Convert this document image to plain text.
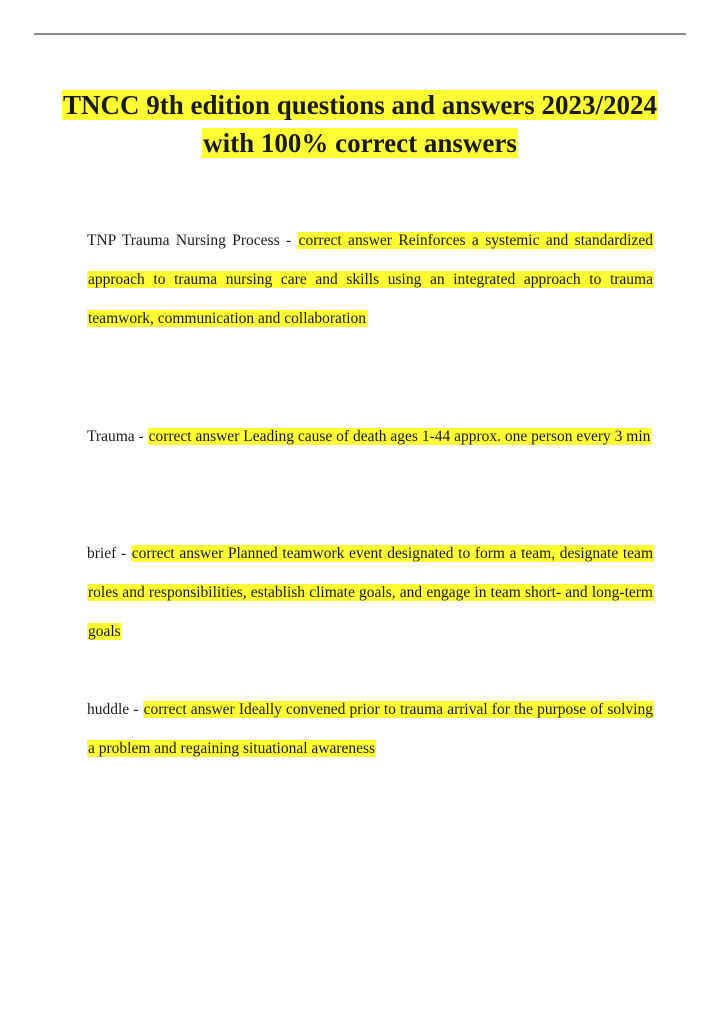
TNCC 9th edition questions and answers 2023/2024 with 100% correct answers

TNP Trauma Nursing Process - correct answer Reinforces a systemic and standardized approach to trauma nursing care and skills using an integrated approach to trauma teamwork, communication and collaboration

Trauma - correct answer Leading cause of death ages 1-44 approx. one person every 3 min

brief - correct answer Planned teamwork event designated to form a team, designate team roles and responsibilities, establish climate goals, and engage in team short- and long-term goals

huddle - correct answer Ideally convened prior to trauma arrival for the purpose of solving a problem and regaining situational awareness
